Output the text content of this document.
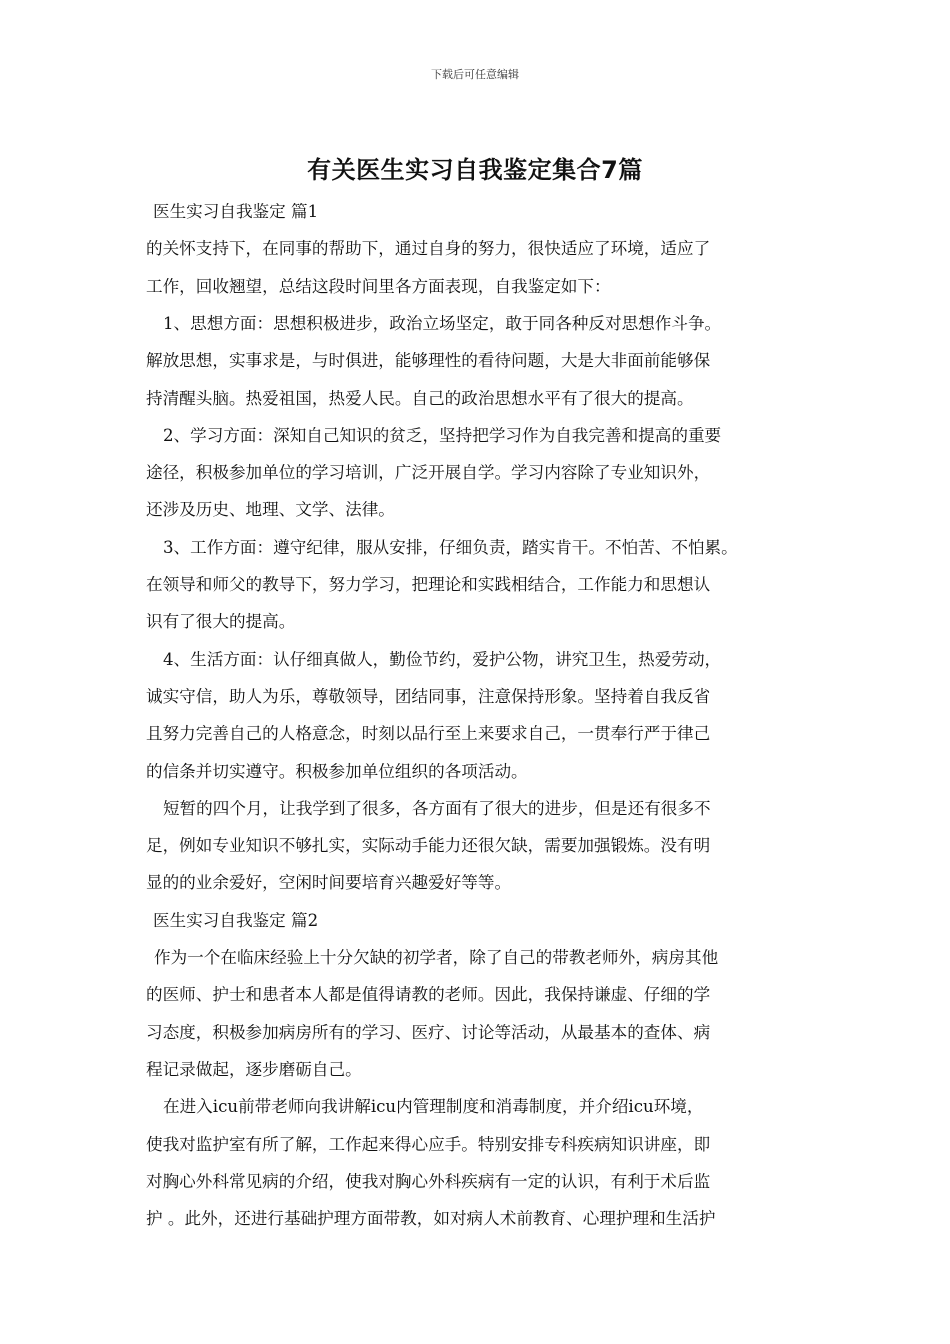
下载后可任意编辑
有关医生实习自我鉴定集合7篇
医生实习自我鉴定 篇1
的关怀支持下，在同事的帮助下，通过自身的努力，很快适应了环境，适应了
工作，回收翘望，总结这段时间里各方面表现，自我鉴定如下：
1、思想方面：思想积极进步，政治立场坚定，敢于同各种反对思想作斗争。
解放思想，实事求是，与时俱进，能够理性的看待问题，大是大非面前能够保
持清醒头脑。热爱祖国，热爱人民。自己的政治思想水平有了很大的提高。
2、学习方面：深知自己知识的贫乏，坚持把学习作为自我完善和提高的重要
途径，积极参加单位的学习培训，广泛开展自学。学习内容除了专业知识外，
还涉及历史、地理、文学、法律。
3、工作方面：遵守纪律，服从安排，仔细负责，踏实肯干。不怕苦、不怕累。
在领导和师父的教导下，努力学习，把理论和实践相结合，工作能力和思想认
识有了很大的提高。
4、生活方面：认仔细真做人，勤俭节约，爱护公物，讲究卫生，热爱劳动，
诚实守信，助人为乐，尊敬领导，团结同事，注意保持形象。坚持着自我反省
且努力完善自己的人格意念，时刻以品行至上来要求自己，一贯奉行严于律己
的信条并切实遵守。积极参加单位组织的各项活动。
短暂的四个月，让我学到了很多，各方面有了很大的进步，但是还有很多不
足，例如专业知识不够扎实，实际动手能力还很欠缺，需要加强锻炼。没有明
显的的业余爱好，空闲时间要培育兴趣爱好等等。
医生实习自我鉴定 篇2
作为一个在临床经验上十分欠缺的初学者，除了自己的带教老师外，病房其他
的医师、护士和患者本人都是值得请教的老师。因此，我保持谦虚、仔细的学
习态度，积极参加病房所有的学习、医疗、讨论等活动，从最基本的查体、病
程记录做起，逐步磨砺自己。
在进入icu前带老师向我讲解icu内管理制度和消毒制度，并介绍icu环境，
使我对监护室有所了解，工作起来得心应手。特别安排专科疾病知识讲座，即
对胸心外科常见病的介绍，使我对胸心外科疾病有一定的认识，有利于术后监
护 。此外，还进行基础护理方面带教，如对病人术前教育、心理护理和生活护
